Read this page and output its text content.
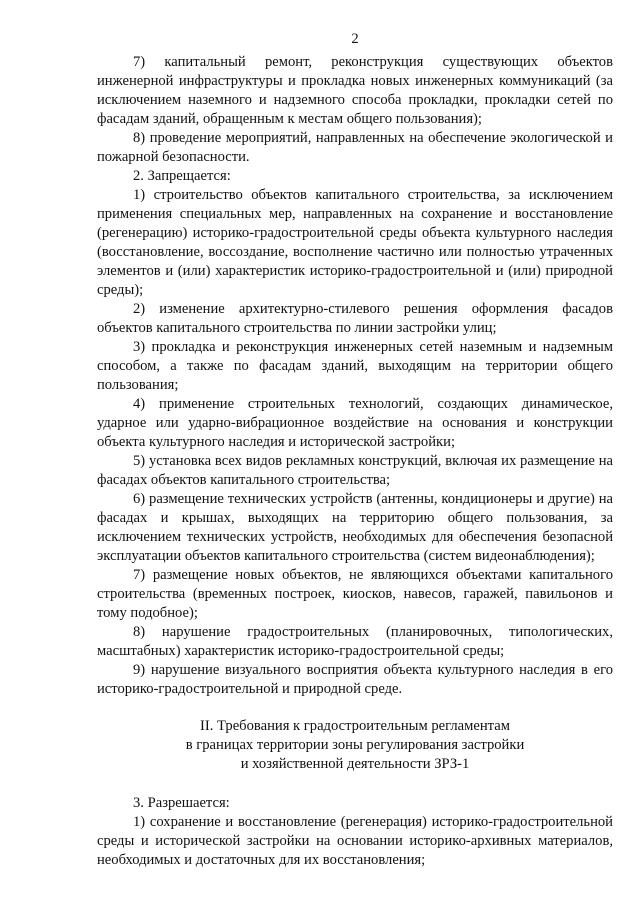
2

7) капитальный ремонт, реконструкция существующих объектов инженерной инфраструктуры и прокладка новых инженерных коммуникаций (за исключением наземного и надземного способа прокладки, прокладки сетей по фасадам зданий, обращенным к местам общего пользования);

8) проведение мероприятий, направленных на обеспечение экологической и пожарной безопасности.

2. Запрещается:

1) строительство объектов капитального строительства, за исключением применения специальных мер, направленных на сохранение и восстановление (регенерацию) историко-градостроительной среды объекта культурного наследия (восстановление, воссоздание, восполнение частично или полностью утраченных элементов и (или) характеристик историко-градостроительной и (или) природной среды);

2) изменение архитектурно-стилевого решения оформления фасадов объектов капитального строительства по линии застройки улиц;

3) прокладка и реконструкция инженерных сетей наземным и надземным способом, а также по фасадам зданий, выходящим на территории общего пользования;

4) применение строительных технологий, создающих динамическое, ударное или ударно-вибрационное воздействие на основания и конструкции объекта культурного наследия и исторической застройки;

5) установка всех видов рекламных конструкций, включая их размещение на фасадах объектов капитального строительства;

6) размещение технических устройств (антенны, кондиционеры и другие) на фасадах и крышах, выходящих на территорию общего пользования, за исключением технических устройств, необходимых для обеспечения безопасной эксплуатации объектов капитального строительства (систем видеонаблюдения);

7) размещение новых объектов, не являющихся объектами капитального строительства (временных построек, киосков, навесов, гаражей, павильонов и тому подобное);

8) нарушение градостроительных (планировочных, типологических, масштабных) характеристик историко-градостроительной среды;

9) нарушение визуального восприятия объекта культурного наследия в его историко-градостроительной и природной среде.

II. Требования к градостроительным регламентам
в границах территории зоны регулирования застройки
и хозяйственной деятельности ЗРЗ-1

3. Разрешается:

1) сохранение и восстановление (регенерация) историко-градостроительной среды и исторической застройки на основании историко-архивных материалов, необходимых и достаточных для их восстановления;
